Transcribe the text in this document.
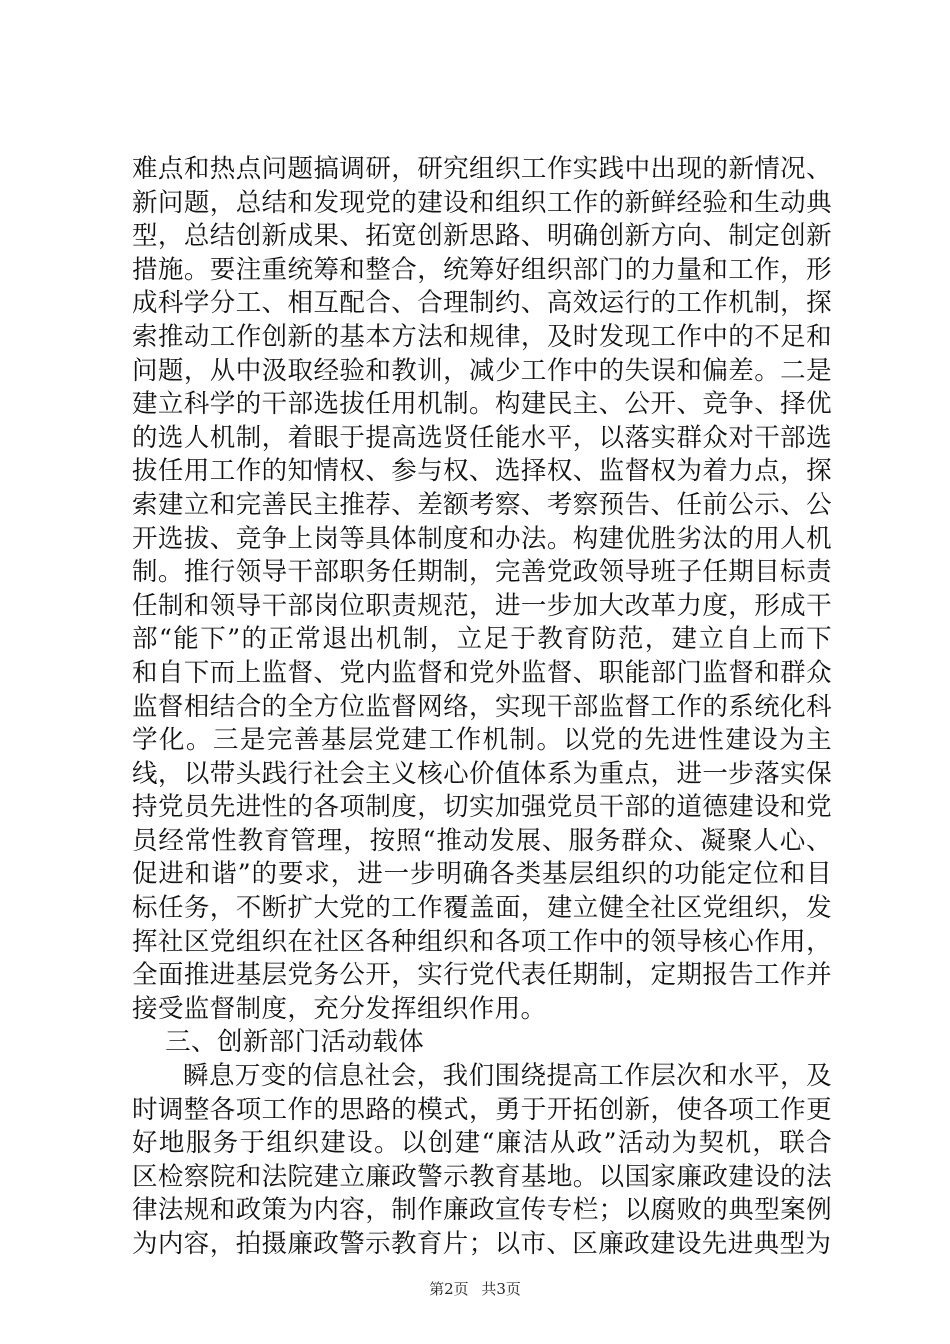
难点和热点问题搞调研，研究组织工作实践中出现的新情况、新问题，总结和发现党的建设和组织工作的新鲜经验和生动典型，总结创新成果、拓宽创新思路、明确创新方向、制定创新措施。要注重统筹和整合，统筹好组织部门的力量和工作，形成科学分工、相互配合、合理制约、高效运行的工作机制，探索推动工作创新的基本方法和规律，及时发现工作中的不足和问题，从中汲取经验和教训，减少工作中的失误和偏差。二是建立科学的干部选拔任用机制。构建民主、公开、竞争、择优的选人机制，着眼于提高选贤任能水平，以落实群众对干部选拔任用工作的知情权、参与权、选择权、监督权为着力点，探索建立和完善民主推荐、差额考察、考察预告、任前公示、公开选拔、竞争上岗等具体制度和办法。构建优胜劣汰的用人机制。推行领导干部职务任期制，完善党政领导班子任期目标责任制和领导干部岗位职责规范，进一步加大改革力度，形成干部“能下”的正常退出机制，立足于教育防范，建立自上而下和自下而上监督、党内监督和党外监督、职能部门监督和群众监督相结合的全方位监督网络，实现干部监督工作的系统化科学化。三是完善基层党建工作机制。以党的先进性建设为主线，以带头践行社会主义核心价值体系为重点，进一步落实保持党员先进性的各项制度，切实加强党员干部的道德建设和党员经常性教育管理，按照“推动发展、服务群众、凝聚人心、促进和谐”的要求，进一步明确各类基层组织的功能定位和目标任务，不断扩大党的工作覆盖面，建立健全社区党组织，发挥社区党组织在社区各种组织和各项工作中的领导核心作用，全面推进基层党务公开，实行党代表任期制，定期报告工作并接受监督制度，充分发挥组织作用。

三、创新部门活动载体

瞬息万变的信息社会，我们围绕提高工作层次和水平，及时调整各项工作的思路的模式，勇于开拓创新，使各项工作更好地服务于组织建设。以创建“廉洁从政”活动为契机，联合区检察院和法院建立廉政警示教育基地。以国家廉政建设的法律法规和政策为内容，制作廉政宣传专栏；以腐败的典型案例为内容，拍摄廉政警示教育片；以市、区廉政建设先进典型为

第2页 共3页
